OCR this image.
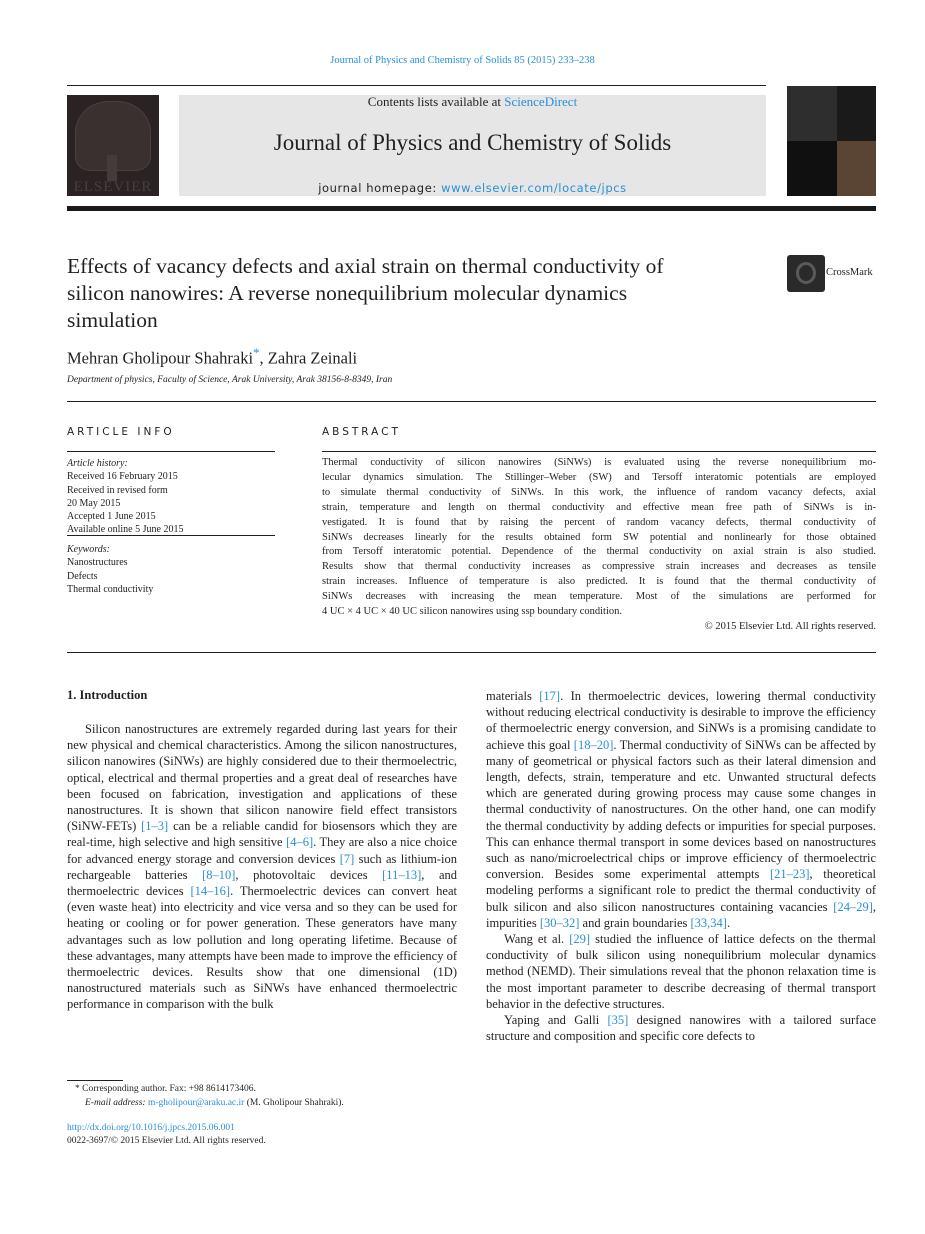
Journal of Physics and Chemistry of Solids 85 (2015) 233–238
ELSEVIER
Contents lists available at ScienceDirect
Journal of Physics and Chemistry of Solids
journal homepage: www.elsevier.com/locate/jpcs
Effects of vacancy defects and axial strain on thermal conductivity of
silicon nanowires: A reverse nonequilibrium molecular dynamics
simulation
CrossMark
Mehran Gholipour Shahraki*, Zahra Zeinali
Department of physics, Faculty of Science, Arak University, Arak 38156-8-8349, Iran
ARTICLE INFO
Article history:
Received 16 February 2015
Received in revised form
20 May 2015
Accepted 1 June 2015
Available online 5 June 2015
Keywords:
Nanostructures
Defects
Thermal conductivity
ABSTRACT
Thermal conductivity of silicon nanowires (SiNWs) is evaluated using the reverse nonequilibrium mo-
lecular dynamics simulation. The Stillinger–Weber (SW) and Tersoff interatomic potentials are employed
to simulate thermal conductivity of SiNWs. In this work, the influence of random vacancy defects, axial
strain, temperature and length on thermal conductivity and effective mean free path of SiNWs is in-
vestigated. It is found that by raising the percent of random vacancy defects, thermal conductivity of
SiNWs decreases linearly for the results obtained form SW potential and nonlinearly for those obtained
from Tersoff interatomic potential. Dependence of the thermal conductivity on axial strain is also studied.
Results show that thermal conductivity increases as compressive strain increases and decreases as tensile
strain increases. Influence of temperature is also predicted. It is found that the thermal conductivity of
SiNWs decreases with increasing the mean temperature. Most of the simulations are performed for
4 UC × 4 UC × 40 UC silicon nanowires using ssp boundary condition.
© 2015 Elsevier Ltd. All rights reserved.
1. Introduction
Silicon nanostructures are extremely regarded during last years for their new physical and chemical characteristics. Among the silicon nanostructures, silicon nanowires (SiNWs) are highly considered due to their thermoelectric, optical, electrical and thermal properties and a great deal of researches have been focused on fabrication, investigation and applications of these nanostructures. It is shown that silicon nanowire field effect transistors (SiNW-FETs) [1–3] can be a reliable candid for biosensors which they are real-time, high selective and high sensitive [4–6]. They are also a nice choice for advanced energy storage and conversion devices [7] such as lithium-ion rechargeable batteries [8–10], photovoltaic devices [11–13], and thermoelectric devices [14–16]. Thermoelectric devices can convert heat (even waste heat) into electricity and vice versa and so they can be used for heating or cooling or for power generation. These generators have many advantages such as low pollution and long operating lifetime. Because of these advantages, many attempts have been made to improve the efficiency of thermoelectric devices. Results show that one dimensional (1D) nanostructured materials such as SiNWs have enhanced thermoelectric performance in comparison with the bulk

materials [17]. In thermoelectric devices, lowering thermal conductivity without reducing electrical conductivity is desirable to improve the efficiency of thermoelectric energy conversion, and SiNWs is a promising candidate to achieve this goal [18–20]. Thermal conductivity of SiNWs can be affected by many of geometrical or physical factors such as their lateral dimension and length, defects, strain, temperature and etc. Unwanted structural defects which are generated during growing process may cause some changes in thermal conductivity of nanostructures. On the other hand, one can modify the thermal conductivity by adding defects or impurities for special purposes. This can enhance thermal transport in some devices based on nanostructures such as nano/microelectrical chips or improve efficiency of thermoelectric conversion. Besides some experimental attempts [21–23], theoretical modeling performs a significant role to predict the thermal conductivity of bulk silicon and also silicon nanostructures containing vacancies [24–29], impurities [30–32] and grain boundaries [33,34].

Wang et al. [29] studied the influence of lattice defects on the thermal conductivity of bulk silicon using nonequilibrium molecular dynamics method (NEMD). Their simulations reveal that the phonon relaxation time is the most important parameter to describe decreasing of thermal transport behavior in the defective structures.

Yaping and Galli [35] designed nanowires with a tailored surface structure and composition and specific core defects to

* Corresponding author. Fax: +98 8614173406.
E-mail address: m-gholipour@araku.ac.ir (M. Gholipour Shahraki).
http://dx.doi.org/10.1016/j.jpcs.2015.06.001
0022-3697/© 2015 Elsevier Ltd. All rights reserved.
